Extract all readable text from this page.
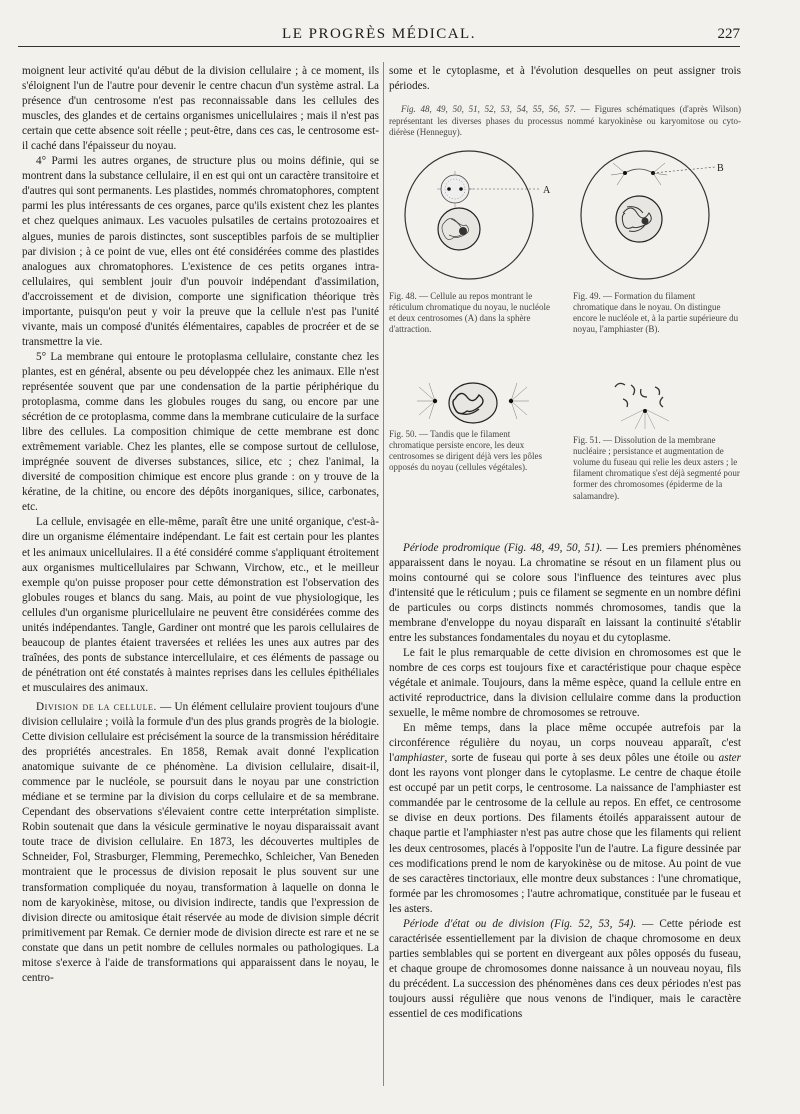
LE PROGRÈS MÉDICAL.	227

moignent leur activité qu'au début de la division cellulaire ; à ce moment, ils s'éloignent l'un de l'autre pour devenir le centre chacun d'un système astral. La présence d'un centrosome n'est pas reconnaissable dans les cellules des muscles, des glandes et de certains organismes unicellulaires ; mais il n'est pas certain que cette absence soit réelle ; peut-être, dans ces cas, le centrosome est-il caché dans l'épaisseur du noyau.

4° Parmi les autres organes, de structure plus ou moins définie, qui se montrent dans la substance cellulaire, il en est qui ont un caractère transitoire et d'autres qui sont permanents. Les plastides, nommés chromatophores, comptent parmi les plus intéressants de ces organes, parce qu'ils existent chez les plantes et chez quelques animaux. Les vacuoles pulsatiles de certains protozoaires et algues, munies de parois distinctes, sont susceptibles parfois de se multiplier par division ; à ce point de vue, elles ont été considérées comme des plastides analogues aux chromatophores. L'existence de ces petits organes intra-cellulaires, qui semblent jouir d'un pouvoir indépendant d'assimilation, d'accroissement et de division, comporte une signification théorique très importante, puisqu'on peut y voir la preuve que la cellule n'est pas l'unité vivante, mais un composé d'unités élémentaires, capables de procréer et de se transmettre la vie.

5° La membrane qui entoure le protoplasma cellulaire, constante chez les plantes, est en général, absente ou peu développée chez les animaux. Elle n'est représentée souvent que par une condensation de la partie périphérique du protoplasma, comme dans les globules rouges du sang, ou encore par une sécrétion de ce protoplasma, comme dans la membrane cuticulaire de la surface libre des cellules. La composition chimique de cette membrane est donc extrêmement variable. Chez les plantes, elle se compose surtout de cellulose, imprégnée souvent de diverses substances, silice, etc ; chez l'animal, la diversité de composition chimique est encore plus grande : on y trouve de la kératine, de la chitine, ou encore des dépôts inorganiques, silice, carbonates, etc.

La cellule, envisagée en elle-même, paraît être une unité organique, c'est-à-dire un organisme élémentaire indépendant. Le fait est certain pour les plantes et les animaux unicellulaires. Il a été considéré comme s'appliquant étroitement aux organismes multicellulaires par Schwann, Virchow, etc., et le meilleur exemple qu'on puisse proposer pour cette démonstration est l'observation des globules rouges et blancs du sang. Mais, au point de vue physiologique, les cellules d'un organisme pluricellulaire ne peuvent être considérées comme des unités indépendantes. Tangle, Gardiner ont montré que les parois cellulaires de beaucoup de plantes étaient traversées et reliées les unes aux autres par des traînées, des ponts de substance intercellulaire, et ces éléments de passage ou de pénétration ont été constatés à maintes reprises dans les cellules épithéliales et musculaires des animaux.

Division de la cellule. — Un élément cellulaire provient toujours d'une division cellulaire ; voilà la formule d'un des plus grands progrès de la biologie. Cette division cellulaire est précisément la source de la transmission héréditaire des propriétés ancestrales. En 1858, Remak avait donné l'explication anatomique suivante de ce phénomène. La division cellulaire, disait-il, commence par le nucléole, se poursuit dans le noyau par une constriction médiane et se termine par la division du corps cellulaire et de sa membrane. Cependant des observations s'élevaient contre cette interprétation simpliste. Robin soutenait que dans la vésicule germinative le noyau disparaissait avant toute trace de division cellulaire. En 1873, les découvertes multiples de Schneider, Fol, Strasburger, Flemming, Peremechko, Schleicher, Van Beneden montraient que le processus de division reposait le plus souvent sur une transformation compliquée du noyau, transformation à laquelle on donna le nom de karyokinèse, mitose, ou division indirecte, tandis que l'expression de division directe ou amitosique était réservée au mode de division simple décrit primitivement par Remak. Ce dernier mode de division directe est rare et ne se constate que dans un petit nombre de cellules normales ou pathologiques. La mitose s'exerce à l'aide de transformations qui apparaissent dans le noyau, le centro-

some et le cytoplasme, et à l'évolution desquelles on peut assigner trois périodes.

Fig. 48, 49, 50, 51, 52, 53, 54, 55, 56, 57. — Figures schématiques (d'après Wilson) représentant les diverses phases du processus nommé karyokinèse ou karyomitose ou cyto-diérèse (Henneguy).

A
B
Fig. 48. — Cellule au repos montrant le réticulum chromatique du noyau, le nucléole et deux centrosomes (A) dans la sphère d'attraction.
Fig. 49. — Formation du filament chromatique dans le noyau. On distingue encore le nucléole et, à la partie supérieure du noyau, l'amphiaster (B).
Fig. 50. — Tandis que le filament chromatique persiste encore, les deux centrosomes se dirigent déjà vers les pôles opposés du noyau (cellules végétales).
Fig. 51. — Dissolution de la membrane nucléaire ; persistance et augmentation de volume du fuseau qui relie les deux asters ; le filament chromatique s'est déjà segmenté pour former des chromosomes (épiderme de la salamandre).

Période prodromique (Fig. 48, 49, 50, 51). — Les premiers phénomènes apparaissent dans le noyau. La chromatine se résout en un filament plus ou moins contourné qui se colore sous l'influence des teintures avec plus d'intensité que le réticulum ; puis ce filament se segmente en un nombre défini de particules ou corps distincts nommés chromosomes, tandis que la membrane d'enveloppe du noyau disparaît en laissant la continuité s'établir entre les substances fondamentales du noyau et du cytoplasme.

Le fait le plus remarquable de cette division en chromosomes est que le nombre de ces corps est toujours fixe et caractéristique pour chaque espèce végétale et animale. Toujours, dans la même espèce, quand la cellule entre en activité reproductrice, dans la division cellulaire comme dans la production sexuelle, le même nombre de chromosomes se retrouve.

En même temps, dans la place même occupée autrefois par la circonférence régulière du noyau, un corps nouveau apparaît, c'est l'amphiaster, sorte de fuseau qui porte à ses deux pôles une étoile ou aster dont les rayons vont plonger dans le cytoplasme. Le centre de chaque étoile est occupé par un petit corps, le centrosome. La naissance de l'amphiaster est commandée par le centrosome de la cellule au repos. En effet, ce centrosome se divise en deux portions. Des filaments étoilés apparaissent autour de chaque partie et l'amphiaster n'est pas autre chose que les filaments qui relient les deux centrosomes, placés à l'opposite l'un de l'autre. La figure dessinée par ces modifications prend le nom de karyokinèse ou de mitose. Au point de vue de ses caractères tinctoriaux, elle montre deux substances : l'une chromatique, formée par les chromosomes ; l'autre achromatique, constituée par le fuseau et les asters.

Période d'état ou de division (Fig. 52, 53, 54). — Cette période est caractérisée essentiellement par la division de chaque chromosome en deux parties semblables qui se portent en divergeant aux pôles opposés du fuseau, et chaque groupe de chromosomes donne naissance à un nouveau noyau, fils du précédent. La succession des phénomènes dans ces deux périodes n'est pas toujours aussi régulière que nous venons de l'indiquer, mais le caractère essentiel de ces modifications
